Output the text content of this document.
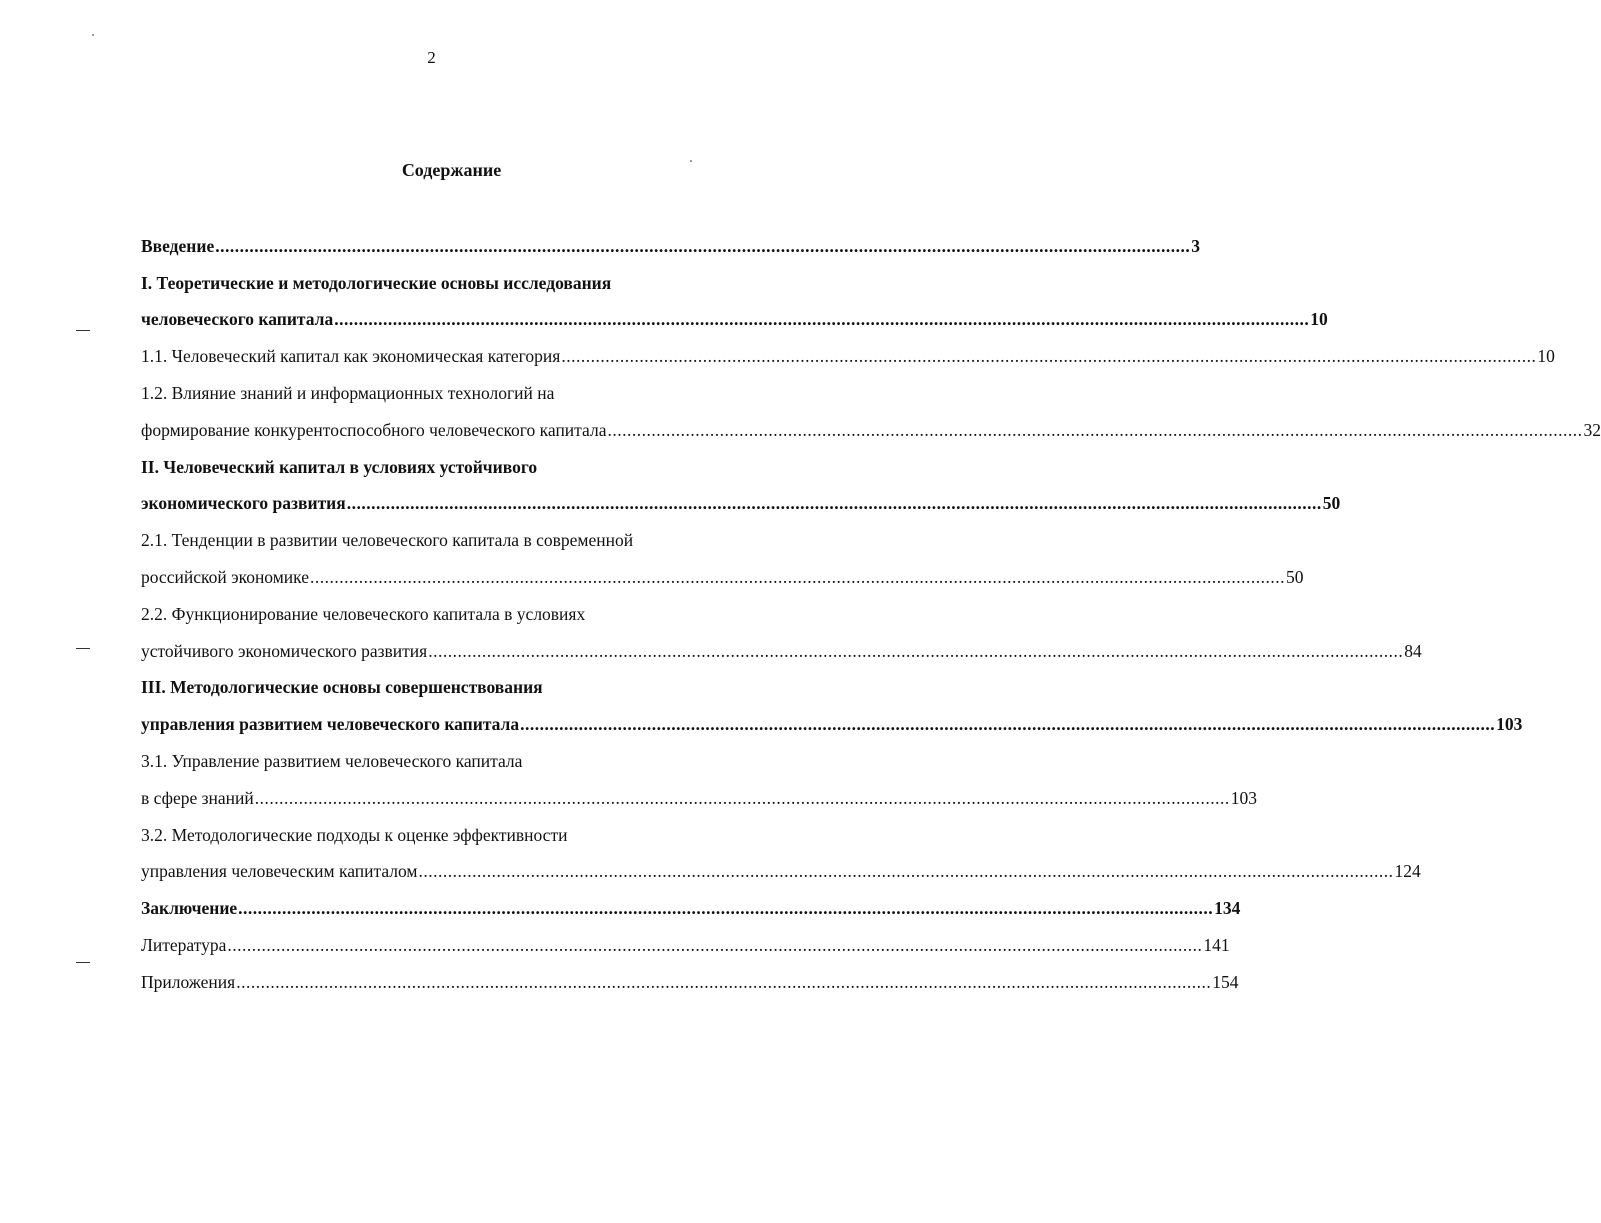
2
Содержание
Введение ........................................................................................................................................................................................................ 3
I. Теоретические и методологические основы исследования
человеческого капитала ........................................................................................................................................................................................................ 10
1.1. Человеческий капитал как экономическая категория ........................................................................................................................................................................................................ 10
1.2. Влияние знаний и информационных технологий на
формирование конкурентоспособного человеческого капитала ........................................................................................................................................................................................................ 32
II. Человеческий капитал в условиях устойчивого
экономического развития ........................................................................................................................................................................................................ 50
2.1. Тенденции в развитии человеческого капитала в современной
российской экономике ........................................................................................................................................................................................................ 50
2.2. Функционирование человеческого капитала в условиях
устойчивого экономического развития ........................................................................................................................................................................................................ 84
III. Методологические основы совершенствования
управления развитием человеческого капитала ........................................................................................................................................................................................................ 103
3.1. Управление развитием человеческого капитала
в сфере знаний ........................................................................................................................................................................................................ 103
3.2. Методологические подходы к оценке эффективности
управления человеческим капиталом ........................................................................................................................................................................................................ 124
Заключение ........................................................................................................................................................................................................ 134
Литература ........................................................................................................................................................................................................ 141
Приложения ........................................................................................................................................................................................................ 154
